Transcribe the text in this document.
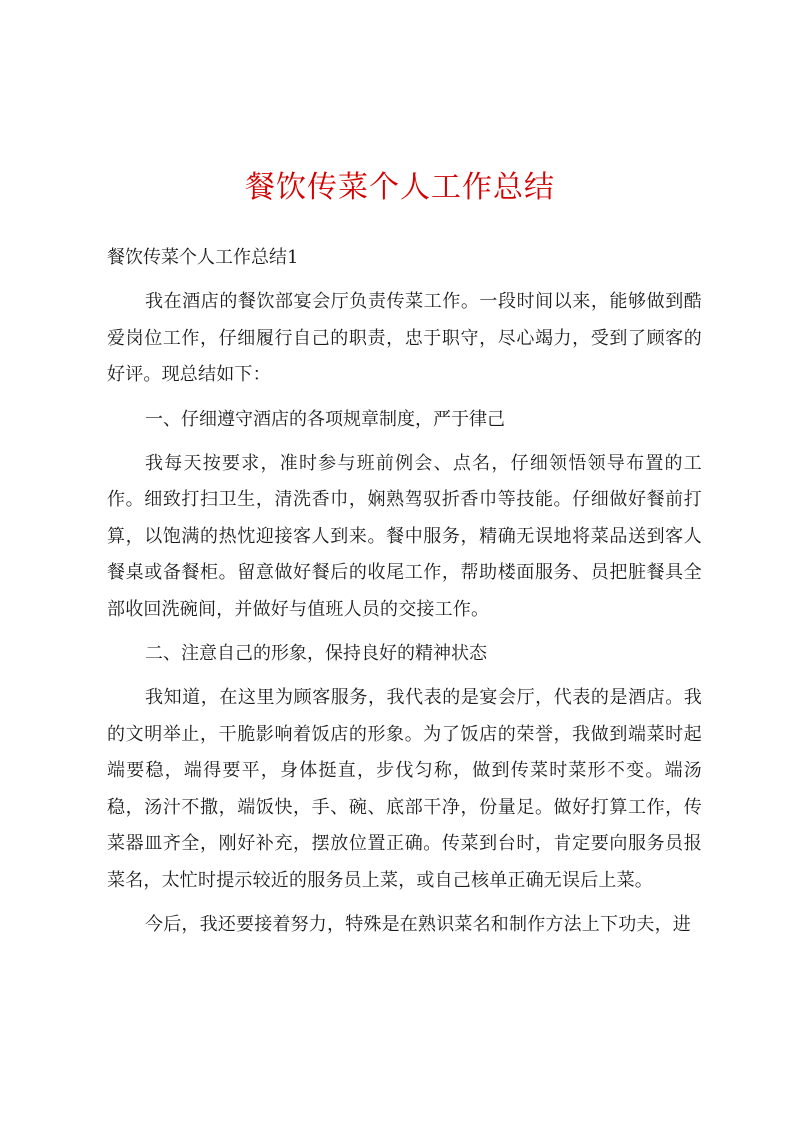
餐饮传菜个人工作总结

餐饮传菜个人工作总结1

我在酒店的餐饮部宴会厅负责传菜工作。一段时间以来，能够做到酷爱岗位工作，仔细履行自己的职责，忠于职守，尽心竭力，受到了顾客的好评。现总结如下：

一、仔细遵守酒店的各项规章制度，严于律己

我每天按要求，准时参与班前例会、点名，仔细领悟领导布置的工作。细致打扫卫生，清洗香巾，娴熟驾驭折香巾等技能。仔细做好餐前打算，以饱满的热忱迎接客人到来。餐中服务，精确无误地将菜品送到客人餐桌或备餐柜。留意做好餐后的收尾工作，帮助楼面服务、员把脏餐具全部收回洗碗间，并做好与值班人员的交接工作。

二、注意自己的形象，保持良好的精神状态

我知道，在这里为顾客服务，我代表的是宴会厅，代表的是酒店。我的文明举止，干脆影响着饭店的形象。为了饭店的荣誉，我做到端菜时起端要稳，端得要平，身体挺直，步伐匀称，做到传菜时菜形不变。端汤稳，汤汁不撒，端饭快，手、碗、底部干净，份量足。做好打算工作，传菜器皿齐全，刚好补充，摆放位置正确。传菜到台时，肯定要向服务员报菜名，太忙时提示较近的服务员上菜，或自己核单正确无误后上菜。

今后，我还要接着努力，特殊是在熟识菜名和制作方法上下功夫，进
